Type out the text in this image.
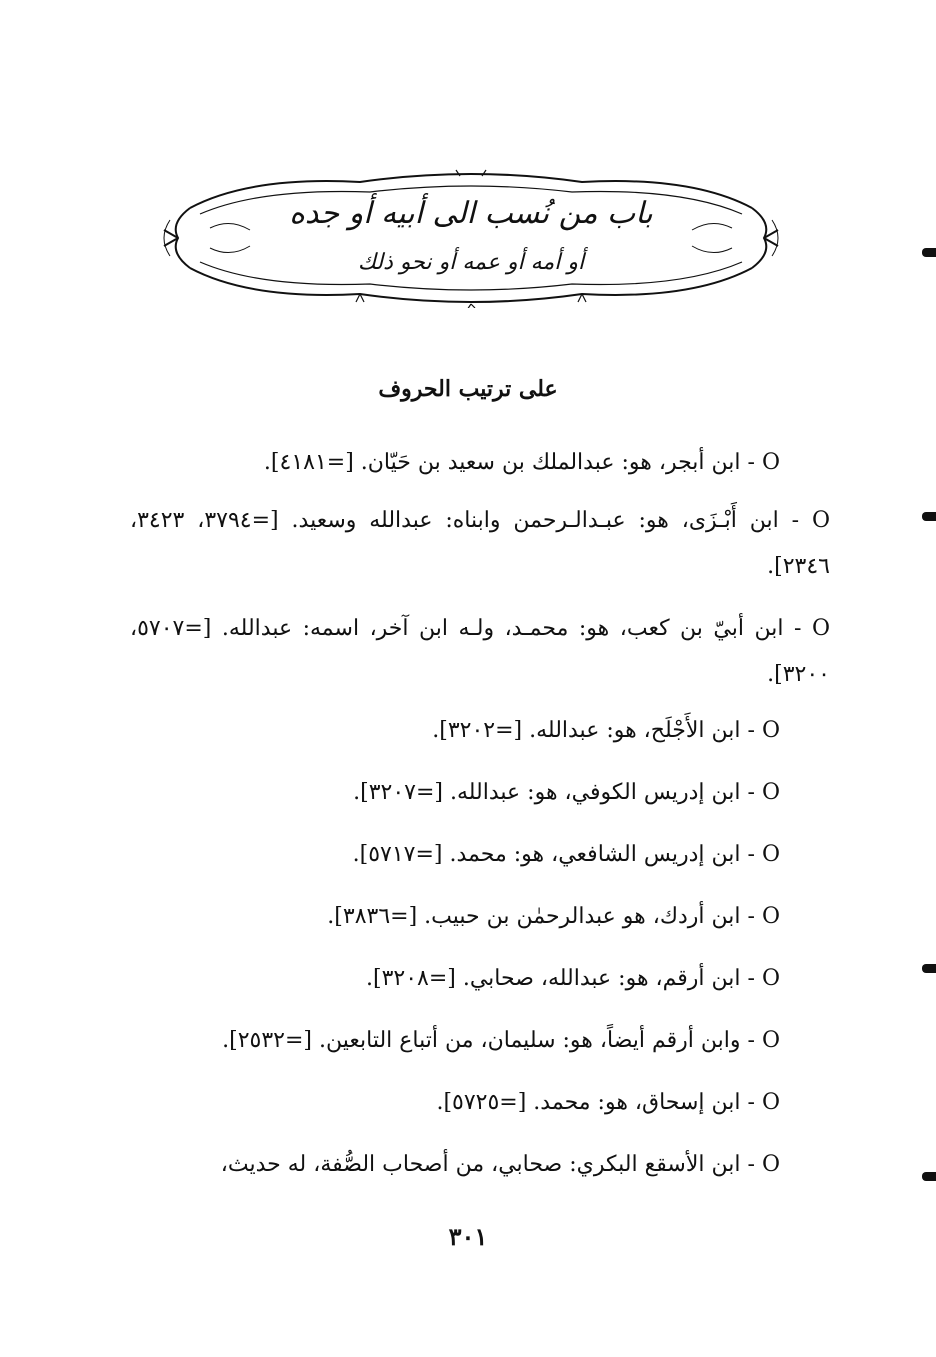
باب من نُسب الى أبيه أو جده
أو أمه أو عمه أو نحو ذلك
على ترتيب الحروف
O - ابن أبجر، هو: عبدالملك بن سعيد بن حَيّان. [=٤١٨١].
O - ابن أَبْـزَى، هو: عبـدالـرحمن وابناه: عبدالله وسعيد. [=٣٧٩٤، ٣٤٢٣، ٢٣٤٦].
O - ابن أبيّ بن كعب، هو: محمـد، ولـه ابن آخر، اسمه: عبدالله. [=٥٧٠٧، ٣٢٠٠].
O - ابن الأَجْلَح، هو: عبدالله. [=٣٢٠٢].
O - ابن إدريس الكوفي، هو: عبدالله. [=٣٢٠٧].
O - ابن إدريس الشافعي، هو: محمد. [=٥٧١٧].
O - ابن أردك، هو عبدالرحمٰن بن حبيب. [=٣٨٣٦].
O - ابن أرقم، هو: عبدالله، صحابي. [=٣٢٠٨].
O - وابن أرقم أيضاً، هو: سليمان، من أتباع التابعين. [=٢٥٣٢].
O - ابن إسحاق، هو: محمد. [=٥٧٢٥].
O - ابن الأسقع البكري: صحابي، من أصحاب الصُّفة، له حديث،
٣٠١
